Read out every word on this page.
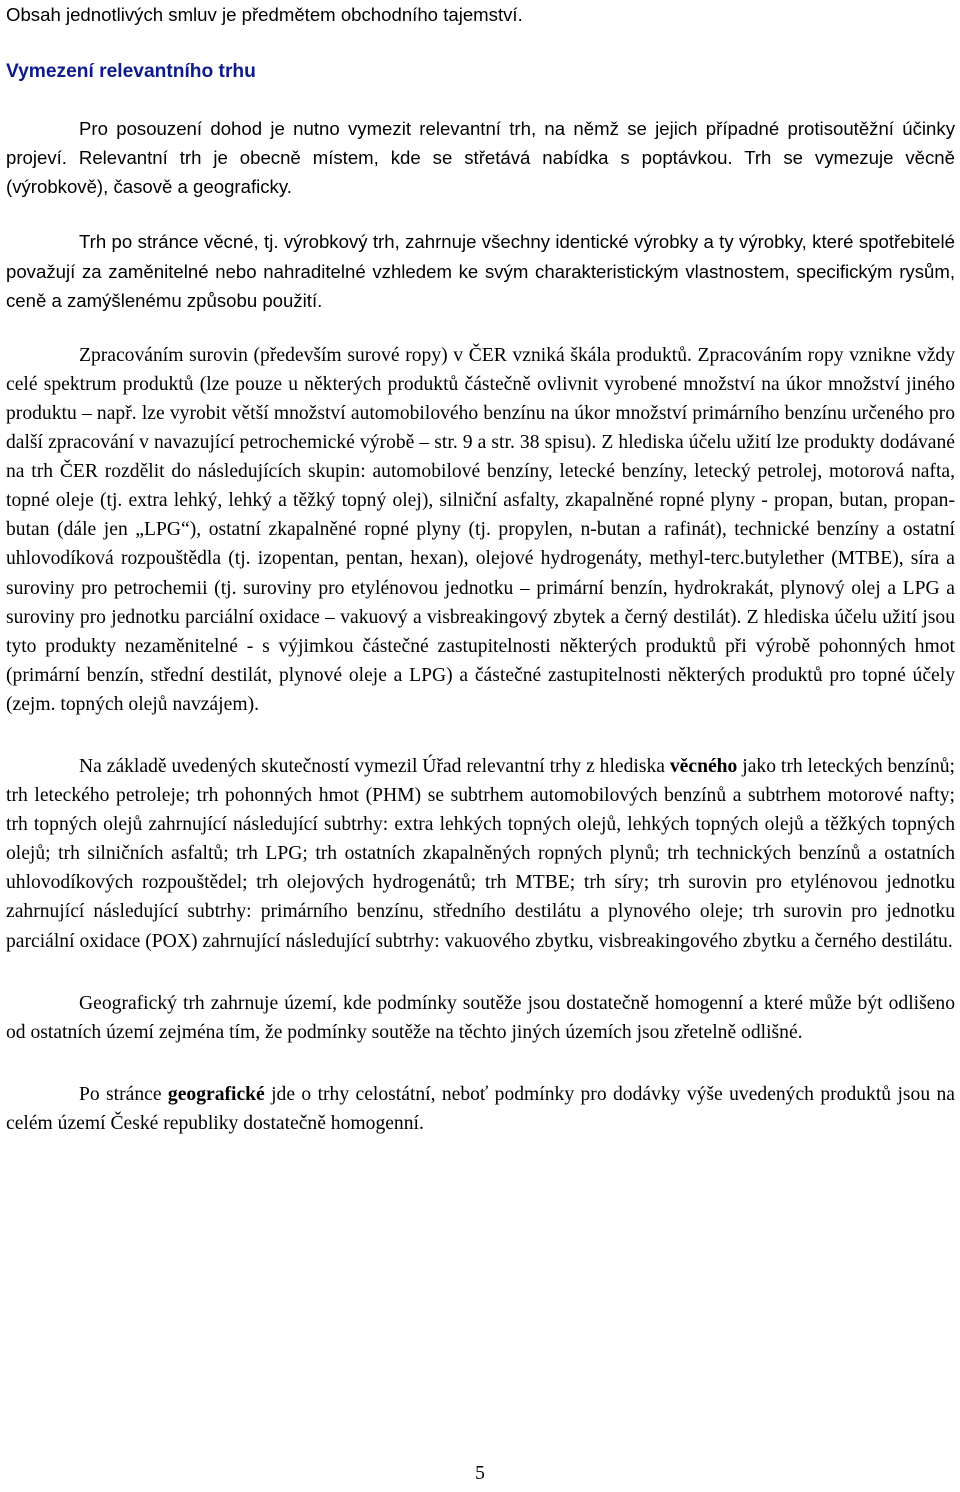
Obsah jednotlivých smluv je předmětem obchodního tajemství.

Vymezení relevantního trhu

Pro posouzení dohod je nutno vymezit relevantní trh, na němž se jejich případné protisoutěžní účinky projeví. Relevantní trh je obecně místem, kde se střetává nabídka s poptávkou. Trh se vymezuje věcně (výrobkově), časově a geograficky.

Trh po stránce věcné, tj. výrobkový trh, zahrnuje všechny identické výrobky a ty výrobky, které spotřebitelé považují za zaměnitelné nebo nahraditelné vzhledem ke svým charakteristickým vlastnostem, specifickým rysům, ceně a zamýšlenému způsobu použití.

Zpracováním surovin (především surové ropy) v ČER vzniká škála produktů. Zpracováním ropy vznikne vždy celé spektrum produktů (lze pouze u některých produktů částečně ovlivnit vyrobené množství na úkor množství jiného produktu – např. lze vyrobit větší množství automobilového benzínu na úkor množství primárního benzínu určeného pro další zpracování v navazující petrochemické výrobě – str. 9 a str. 38 spisu). Z hlediska účelu užití lze produkty dodávané na trh ČER rozdělit do následujících skupin: automobilové benzíny, letecké benzíny, letecký petrolej, motorová nafta, topné oleje (tj. extra lehký, lehký a těžký topný olej), silniční asfalty, zkapalněné ropné plyny - propan, butan, propan-butan (dále jen „LPG“), ostatní zkapalněné ropné plyny (tj. propylen, n-butan a rafinát), technické benzíny a ostatní uhlovodíková rozpouštědla (tj. izopentan, pentan, hexan), olejové hydrogenáty, methyl-terc.butylether (MTBE), síra a suroviny pro petrochemii (tj. suroviny pro etylénovou jednotku – primární benzín, hydrokrakát, plynový olej a LPG a suroviny pro jednotku parciální oxidace – vakuový a visbreakingový zbytek a černý destilát). Z hlediska účelu užití jsou tyto produkty nezaměnitelné - s výjimkou částečné zastupitelnosti některých produktů při výrobě pohonných hmot (primární benzín, střední destilát, plynové oleje a LPG) a částečné zastupitelnosti některých produktů pro topné účely (zejm. topných olejů navzájem).

Na základě uvedených skutečností vymezil Úřad relevantní trhy z hlediska věcného jako trh leteckých benzínů; trh leteckého petroleje; trh pohonných hmot (PHM) se subtrhem automobilových benzínů a subtrhem motorové nafty; trh topných olejů zahrnující následující subtrhy: extra lehkých topných olejů, lehkých topných olejů a těžkých topných olejů; trh silničních asfaltů; trh LPG; trh ostatních zkapalněných ropných plynů; trh technických benzínů a ostatních uhlovodíkových rozpouštědel; trh olejových hydrogenátů; trh MTBE; trh síry; trh surovin pro etylénovou jednotku zahrnující následující subtrhy: primárního benzínu, středního destilátu a plynového oleje; trh surovin pro jednotku parciální oxidace (POX) zahrnující následující subtrhy: vakuového zbytku, visbreakingového zbytku a černého destilátu.

Geografický trh zahrnuje území, kde podmínky soutěže jsou dostatečně homogenní a které může být odlišeno od ostatních území zejména tím, že podmínky soutěže na těchto jiných územích jsou zřetelně odlišné.

Po stránce geografické jde o trhy celostátní, neboť podmínky pro dodávky výše uvedených produktů jsou na celém území České republiky dostatečně homogenní.

5
